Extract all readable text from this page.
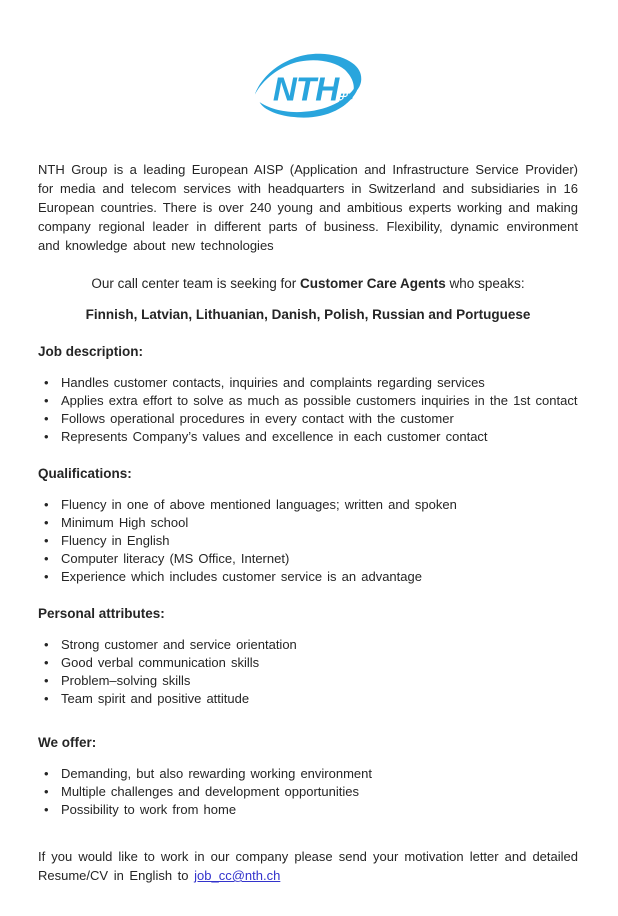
NTH

NTH Group is a leading European AISP (Application and Infrastructure Service Provider) for media and telecom services with headquarters in Switzerland and subsidiaries in 16 European countries. There is over 240 young and ambitious experts working and making company regional leader in different parts of business. Flexibility, dynamic environment and knowledge about new technologies

Our call center team is seeking for Customer Care Agents who speaks:

Finnish, Latvian, Lithuanian, Danish, Polish, Russian and Portuguese

Job description:
• Handles customer contacts, inquiries and complaints regarding services
• Applies extra effort to solve as much as possible customers inquiries in the 1st contact
• Follows operational procedures in every contact with the customer
• Represents Company’s values and excellence in each customer contact
Qualifications:
• Fluency in one of above mentioned languages; written and spoken
• Minimum High school
• Fluency in English
• Computer literacy (MS Office, Internet)
• Experience which includes customer service is an advantage
Personal attributes:
• Strong customer and service orientation
• Good verbal communication skills
• Problem–solving skills
• Team spirit and positive attitude
We offer:
• Demanding, but also rewarding working environment
• Multiple challenges and development opportunities
• Possibility to work from home

If you would like to work in our company please send your motivation letter and detailed Resume/CV in English to job_cc@nth.ch
